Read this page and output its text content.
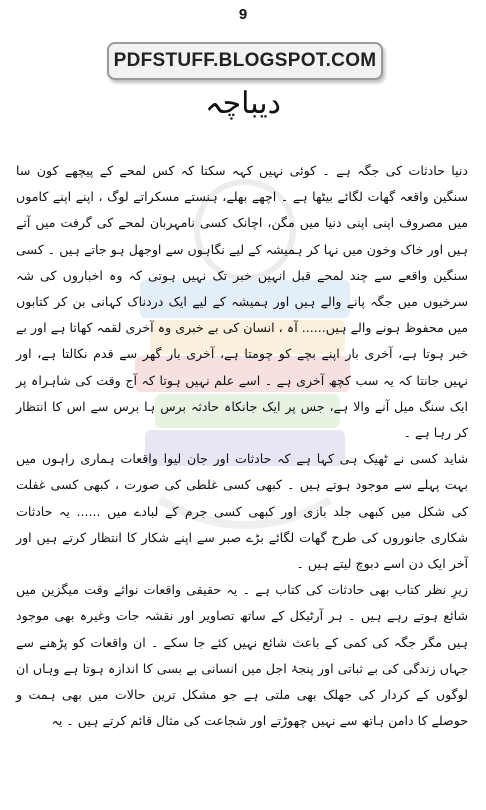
9
PDFSTUFF.BLOGSPOT.COM
دیباچہ

دنیا حادثات کی جگہ ہے ۔ کوئی نہیں کہہ سکتا کہ کس لمحے کے پیچھے کون سا سنگین واقعہ گھات لگائے بیٹھا ہے ۔ اچھے بھلے، ہنستے مسکراتے لوگ ، اپنے اپنے کاموں میں مصروف اپنی اپنی دنیا میں مگن، اچانک کسی نامہربان لمحے کی گرفت میں آتے ہیں اور خاک وخون میں نہا کر ہمیشہ کے لیے نگاہوں سے اوجھل ہو جاتے ہیں ۔ کسی سنگین واقعے سے چند لمحے قبل انہیں خبر تک نہیں ہوتی کہ وہ اخباروں کی شہ سرخیوں میں جگہ پانے والے ہیں اور ہمیشہ کے لیے ایک دردناک کہانی بن کر کتابوں میں محفوظ ہونے والے ہیں...... آہ ، انسان کی بے خبری وہ آخری لقمہ کھاتا ہے اور بے خبر ہوتا ہے، آخری بار اپنے بچے کو چومتا ہے، آخری بار گھر سے قدم نکالتا ہے، اور نہیں جانتا کہ یہ سب کچھ آخری ہے ۔ اسے علم نہیں ہوتا کہ آج وقت کی شاہراہ پر ایک سنگ میل آنے والا ہے، جس پر ایک جانکاہ حادثہ برس ہا برس سے اس کا انتظار کر رہا ہے ۔

شاید کسی نے ٹھیک ہی کہا ہے کہ حادثات اور جان لیوا واقعات ہماری راہوں میں بہت پہلے سے موجود ہوتے ہیں ۔ کبھی کسی غلطی کی صورت ، کبھی کسی غفلت کی شکل میں کبھی جلد بازی اور کبھی کسی جرم کے لبادے میں ...... یہ حادثات شکاری جانوروں کی طرح گھات لگائے بڑے صبر سے اپنے شکار کا انتظار کرتے ہیں اور آخر ایک دن اسے دبوچ لیتے ہیں ۔

زیرِ نظر کتاب بھی حادثات کی کتاب ہے ۔ یہ حقیقی واقعات نوائے وقت میگزین میں شائع ہوتے رہے ہیں ۔ ہر آرٹیکل کے ساتھ تصاویر اور نقشہ جات وغیرہ بھی موجود ہیں مگر جگہ کی کمی کے باعث شائع نہیں کئے جا سکے ۔ ان واقعات کو پڑھنے سے جہاں زندگی کی بے ثباتی اور پنجۂ اجل میں انسانی بے بسی کا اندازہ ہوتا ہے وہاں ان لوگوں کے کردار کی جھلک بھی ملتی ہے جو مشکل ترین حالات میں بھی ہمت و حوصلے کا دامن ہاتھ سے نہیں چھوڑتے اور شجاعت کی مثال قائم کرتے ہیں ۔ یہ
